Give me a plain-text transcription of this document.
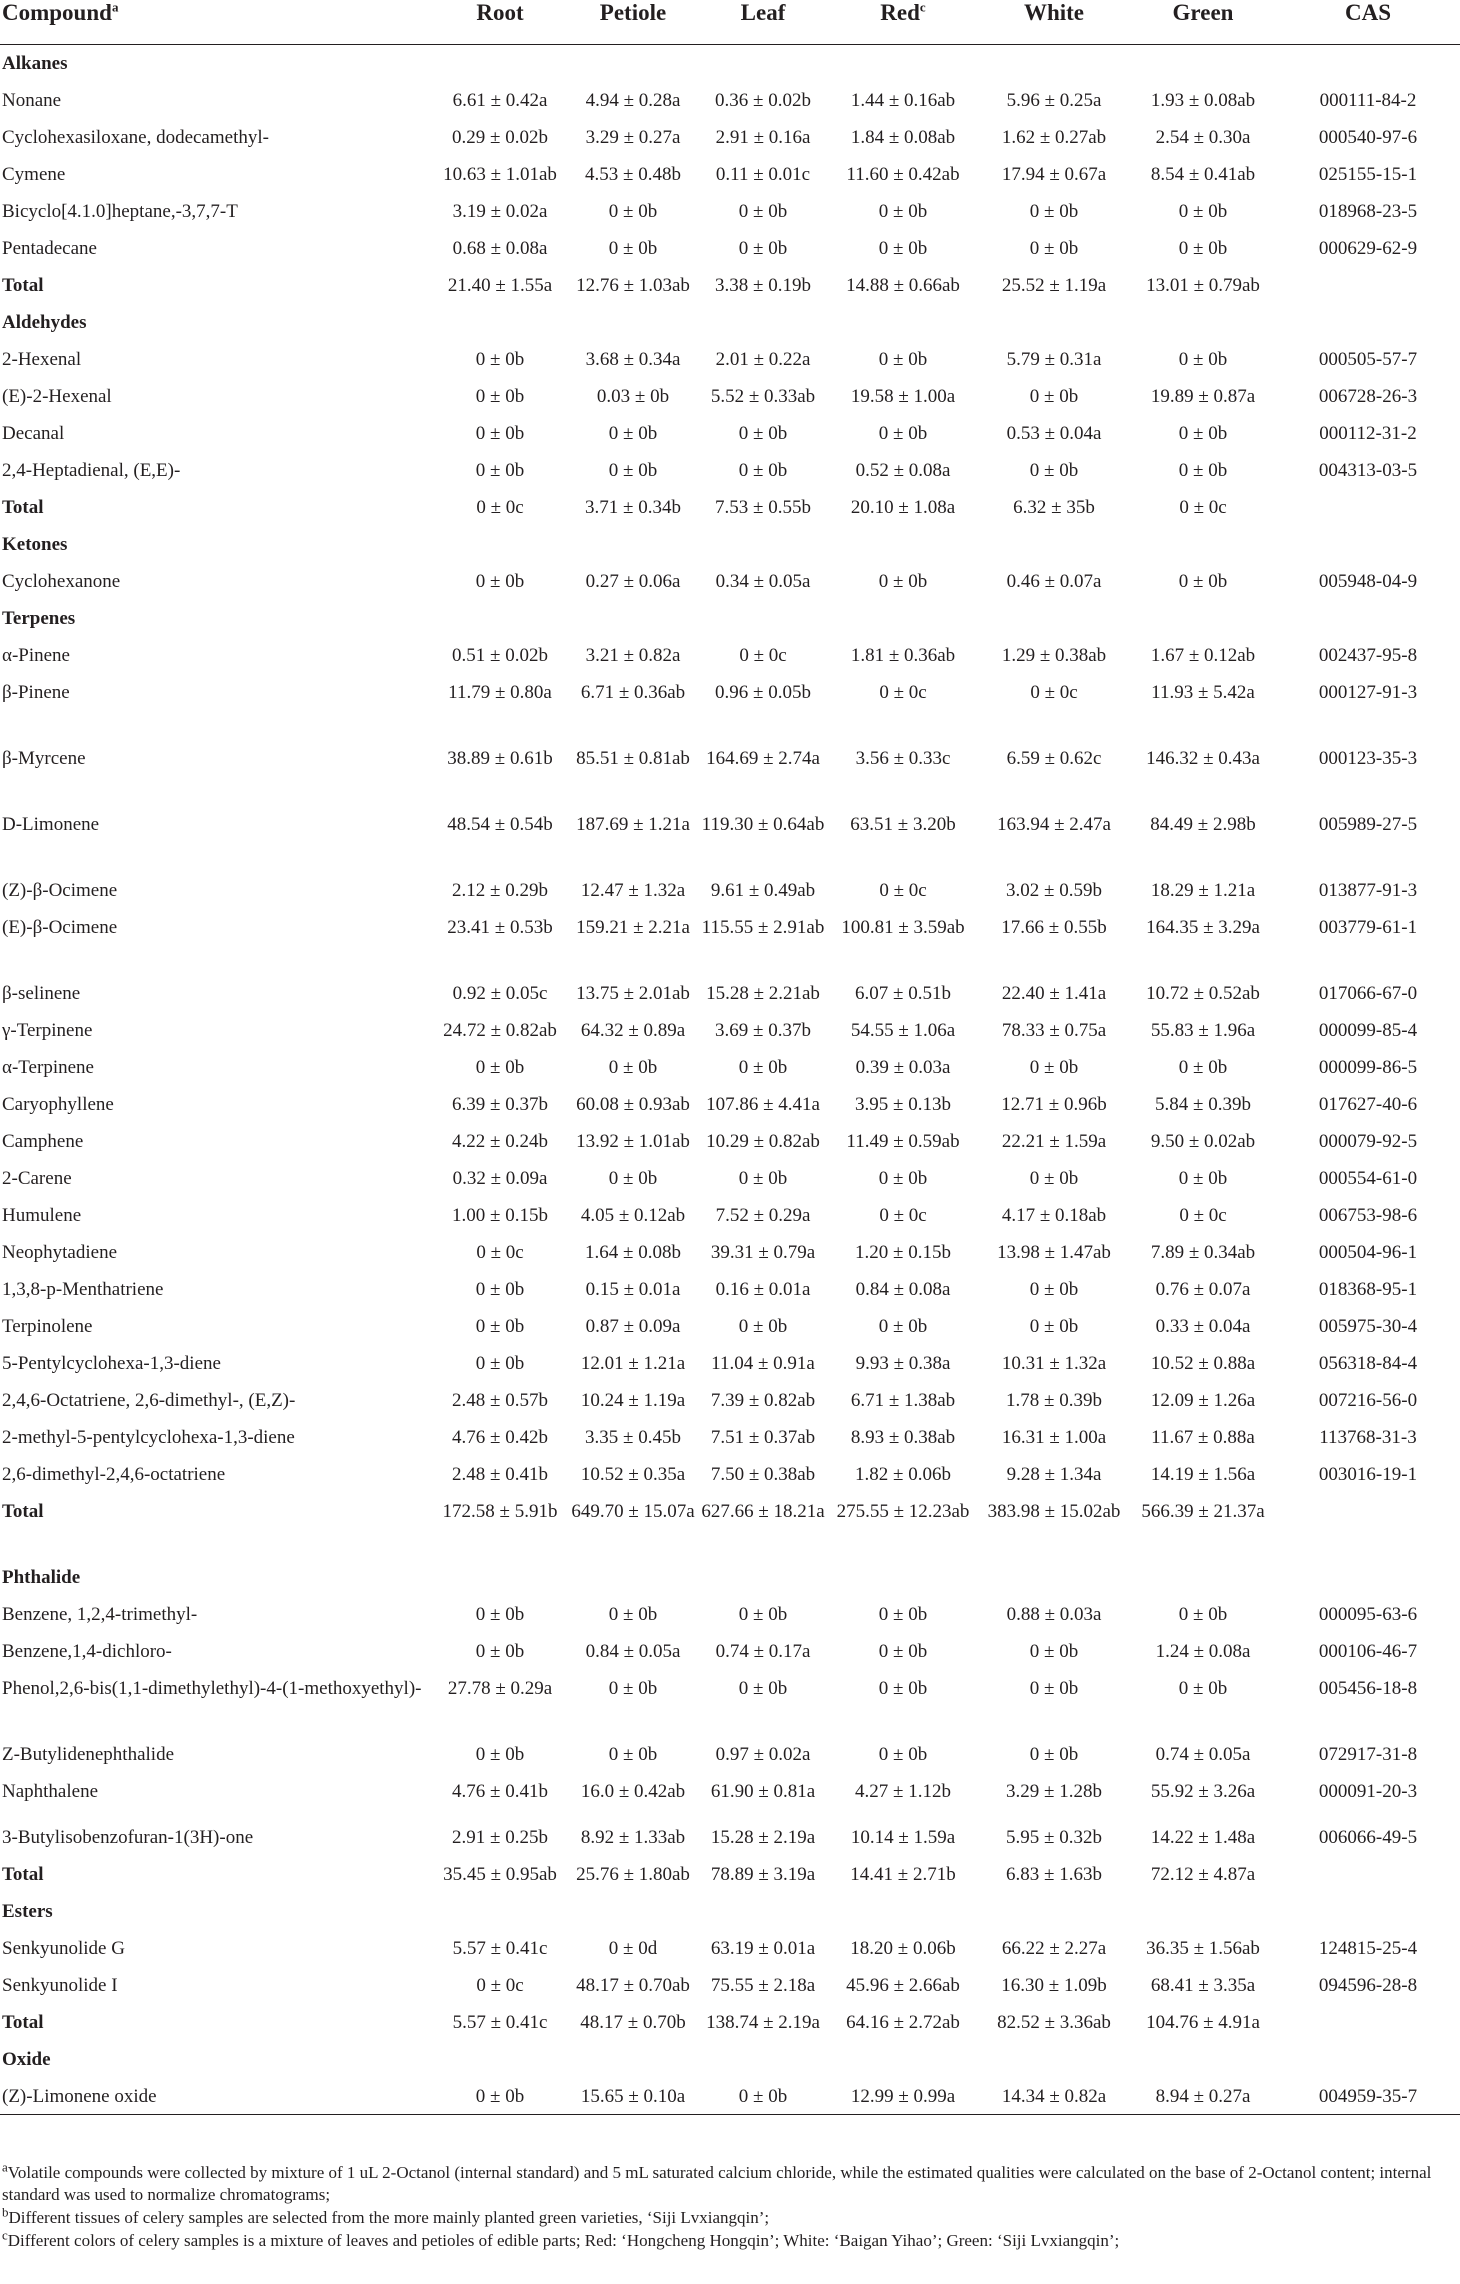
Compound$^a$	Root	Petiole	Leaf	Red$^c$	White	Green	CAS
Alkanes							
Nonane	6.61 ± 0.42a	4.94 ± 0.28a	0.36 ± 0.02b	1.44 ± 0.16ab	5.96 ± 0.25a	1.93 ± 0.08ab	000111-84-2
Cyclohexasiloxane, dodecamethyl-	0.29 ± 0.02b	3.29 ± 0.27a	2.91 ± 0.16a	1.84 ± 0.08ab	1.62 ± 0.27ab	2.54 ± 0.30a	000540-97-6
Cymene	10.63 ± 1.01ab	4.53 ± 0.48b	0.11 ± 0.01c	11.60 ± 0.42ab	17.94 ± 0.67a	8.54 ± 0.41ab	025155-15-1
Bicyclo[4.1.0]heptane,-3,7,7-T	3.19 ± 0.02a	0 ± 0b	0 ± 0b	0 ± 0b	0 ± 0b	0 ± 0b	018968-23-5
Pentadecane	0.68 ± 0.08a	0 ± 0b	0 ± 0b	0 ± 0b	0 ± 0b	0 ± 0b	000629-62-9
Total	21.40 ± 1.55a	12.76 ± 1.03ab	3.38 ± 0.19b	14.88 ± 0.66ab	25.52 ± 1.19a	13.01 ± 0.79ab	
Aldehydes							
2-Hexenal	0 ± 0b	3.68 ± 0.34a	2.01 ± 0.22a	0 ± 0b	5.79 ± 0.31a	0 ± 0b	000505-57-7
(E)-2-Hexenal	0 ± 0b	0.03 ± 0b	5.52 ± 0.33ab	19.58 ± 1.00a	0 ± 0b	19.89 ± 0.87a	006728-26-3
Decanal	0 ± 0b	0 ± 0b	0 ± 0b	0 ± 0b	0.53 ± 0.04a	0 ± 0b	000112-31-2
2,4-Heptadienal, (E,E)-	0 ± 0b	0 ± 0b	0 ± 0b	0.52 ± 0.08a	0 ± 0b	0 ± 0b	004313-03-5
Total	0 ± 0c	3.71 ± 0.34b	7.53 ± 0.55b	20.10 ± 1.08a	6.32 ± 35b	0 ± 0c	
Ketones							
Cyclohexanone	0 ± 0b	0.27 ± 0.06a	0.34 ± 0.05a	0 ± 0b	0.46 ± 0.07a	0 ± 0b	005948-04-9
Terpenes							
α-Pinene	0.51 ± 0.02b	3.21 ± 0.82a	0 ± 0c	1.81 ± 0.36ab	1.29 ± 0.38ab	1.67 ± 0.12ab	002437-95-8
β-Pinene	11.79 ± 0.80a	6.71 ± 0.36ab	0.96 ± 0.05b	0 ± 0c	0 ± 0c	11.93 ± 5.42a	000127-91-3
β-Myrcene	38.89 ± 0.61b	85.51 ± 0.81ab	164.69 ± 2.74a	3.56 ± 0.33c	6.59 ± 0.62c	146.32 ± 0.43a	000123-35-3
D-Limonene	48.54 ± 0.54b	187.69 ± 1.21a	119.30 ± 0.64ab	63.51 ± 3.20b	163.94 ± 2.47a	84.49 ± 2.98b	005989-27-5
(Z)-β-Ocimene	2.12 ± 0.29b	12.47 ± 1.32a	9.61 ± 0.49ab	0 ± 0c	3.02 ± 0.59b	18.29 ± 1.21a	013877-91-3
(E)-β-Ocimene	23.41 ± 0.53b	159.21 ± 2.21a	115.55 ± 2.91ab	100.81 ± 3.59ab	17.66 ± 0.55b	164.35 ± 3.29a	003779-61-1
β-selinene	0.92 ± 0.05c	13.75 ± 2.01ab	15.28 ± 2.21ab	6.07 ± 0.51b	22.40 ± 1.41a	10.72 ± 0.52ab	017066-67-0
γ-Terpinene	24.72 ± 0.82ab	64.32 ± 0.89a	3.69 ± 0.37b	54.55 ± 1.06a	78.33 ± 0.75a	55.83 ± 1.96a	000099-85-4
α-Terpinene	0 ± 0b	0 ± 0b	0 ± 0b	0.39 ± 0.03a	0 ± 0b	0 ± 0b	000099-86-5
Caryophyllene	6.39 ± 0.37b	60.08 ± 0.93ab	107.86 ± 4.41a	3.95 ± 0.13b	12.71 ± 0.96b	5.84 ± 0.39b	017627-40-6
Camphene	4.22 ± 0.24b	13.92 ± 1.01ab	10.29 ± 0.82ab	11.49 ± 0.59ab	22.21 ± 1.59a	9.50 ± 0.02ab	000079-92-5
2-Carene	0.32 ± 0.09a	0 ± 0b	0 ± 0b	0 ± 0b	0 ± 0b	0 ± 0b	000554-61-0
Humulene	1.00 ± 0.15b	4.05 ± 0.12ab	7.52 ± 0.29a	0 ± 0c	4.17 ± 0.18ab	0 ± 0c	006753-98-6
Neophytadiene	0 ± 0c	1.64 ± 0.08b	39.31 ± 0.79a	1.20 ± 0.15b	13.98 ± 1.47ab	7.89 ± 0.34ab	000504-96-1
1,3,8-p-Menthatriene	0 ± 0b	0.15 ± 0.01a	0.16 ± 0.01a	0.84 ± 0.08a	0 ± 0b	0.76 ± 0.07a	018368-95-1
Terpinolene	0 ± 0b	0.87 ± 0.09a	0 ± 0b	0 ± 0b	0 ± 0b	0.33 ± 0.04a	005975-30-4
5-Pentylcyclohexa-1,3-diene	0 ± 0b	12.01 ± 1.21a	11.04 ± 0.91a	9.93 ± 0.38a	10.31 ± 1.32a	10.52 ± 0.88a	056318-84-4
2,4,6-Octatriene, 2,6-dimethyl-, (E,Z)-	2.48 ± 0.57b	10.24 ± 1.19a	7.39 ± 0.82ab	6.71 ± 1.38ab	1.78 ± 0.39b	12.09 ± 1.26a	007216-56-0
2-methyl-5-pentylcyclohexa-1,3-diene	4.76 ± 0.42b	3.35 ± 0.45b	7.51 ± 0.37ab	8.93 ± 0.38ab	16.31 ± 1.00a	11.67 ± 0.88a	113768-31-3
2,6-dimethyl-2,4,6-octatriene	2.48 ± 0.41b	10.52 ± 0.35a	7.50 ± 0.38ab	1.82 ± 0.06b	9.28 ± 1.34a	14.19 ± 1.56a	003016-19-1
Total	172.58 ± 5.91b	649.70 ± 15.07a	627.66 ± 18.21a	275.55 ± 12.23ab	383.98 ± 15.02ab	566.39 ± 21.37a	
Phthalide							
Benzene, 1,2,4-trimethyl-	0 ± 0b	0 ± 0b	0 ± 0b	0 ± 0b	0.88 ± 0.03a	0 ± 0b	000095-63-6
Benzene,1,4-dichloro-	0 ± 0b	0.84 ± 0.05a	0.74 ± 0.17a	0 ± 0b	0 ± 0b	1.24 ± 0.08a	000106-46-7
Phenol,2,6-bis(1,1-dimethylethyl)-4-(1-methoxyethyl)-	27.78 ± 0.29a	0 ± 0b	0 ± 0b	0 ± 0b	0 ± 0b	0 ± 0b	005456-18-8
Z-Butylidenephthalide	0 ± 0b	0 ± 0b	0.97 ± 0.02a	0 ± 0b	0 ± 0b	0.74 ± 0.05a	072917-31-8
Naphthalene	4.76 ± 0.41b	16.0 ± 0.42ab	61.90 ± 0.81a	4.27 ± 1.12b	3.29 ± 1.28b	55.92 ± 3.26a	000091-20-3
3-Butylisobenzofuran-1(3H)-one	2.91 ± 0.25b	8.92 ± 1.33ab	15.28 ± 2.19a	10.14 ± 1.59a	5.95 ± 0.32b	14.22 ± 1.48a	006066-49-5
Total	35.45 ± 0.95ab	25.76 ± 1.80ab	78.89 ± 3.19a	14.41 ± 2.71b	6.83 ± 1.63b	72.12 ± 4.87a	
Esters							
Senkyunolide G	5.57 ± 0.41c	0 ± 0d	63.19 ± 0.01a	18.20 ± 0.06b	66.22 ± 2.27a	36.35 ± 1.56ab	124815-25-4
Senkyunolide I	0 ± 0c	48.17 ± 0.70ab	75.55 ± 2.18a	45.96 ± 2.66ab	16.30 ± 1.09b	68.41 ± 3.35a	094596-28-8
Total	5.57 ± 0.41c	48.17 ± 0.70b	138.74 ± 2.19a	64.16 ± 2.72ab	82.52 ± 3.36ab	104.76 ± 4.91a	
Oxide							
(Z)-Limonene oxide	0 ± 0b	15.65 ± 0.10a	0 ± 0b	12.99 ± 0.99a	14.34 ± 0.82a	8.94 ± 0.27a	004959-35-7

$^a$Volatile compounds were collected by mixture of 1 uL 2-Octanol (internal standard) and 5 mL saturated calcium chloride, while the estimated qualities were calculated on the base of 2-Octanol content; internal standard was used to normalize chromatograms;

$^b$Different tissues of celery samples are selected from the more mainly planted green varieties, ‘Siji Lvxiangqin’;

$^c$Different colors of celery samples is a mixture of leaves and petioles of edible parts; Red: ‘Hongcheng Hongqin’; White: ‘Baigan Yihao’; Green: ‘Siji Lvxiangqin’;
